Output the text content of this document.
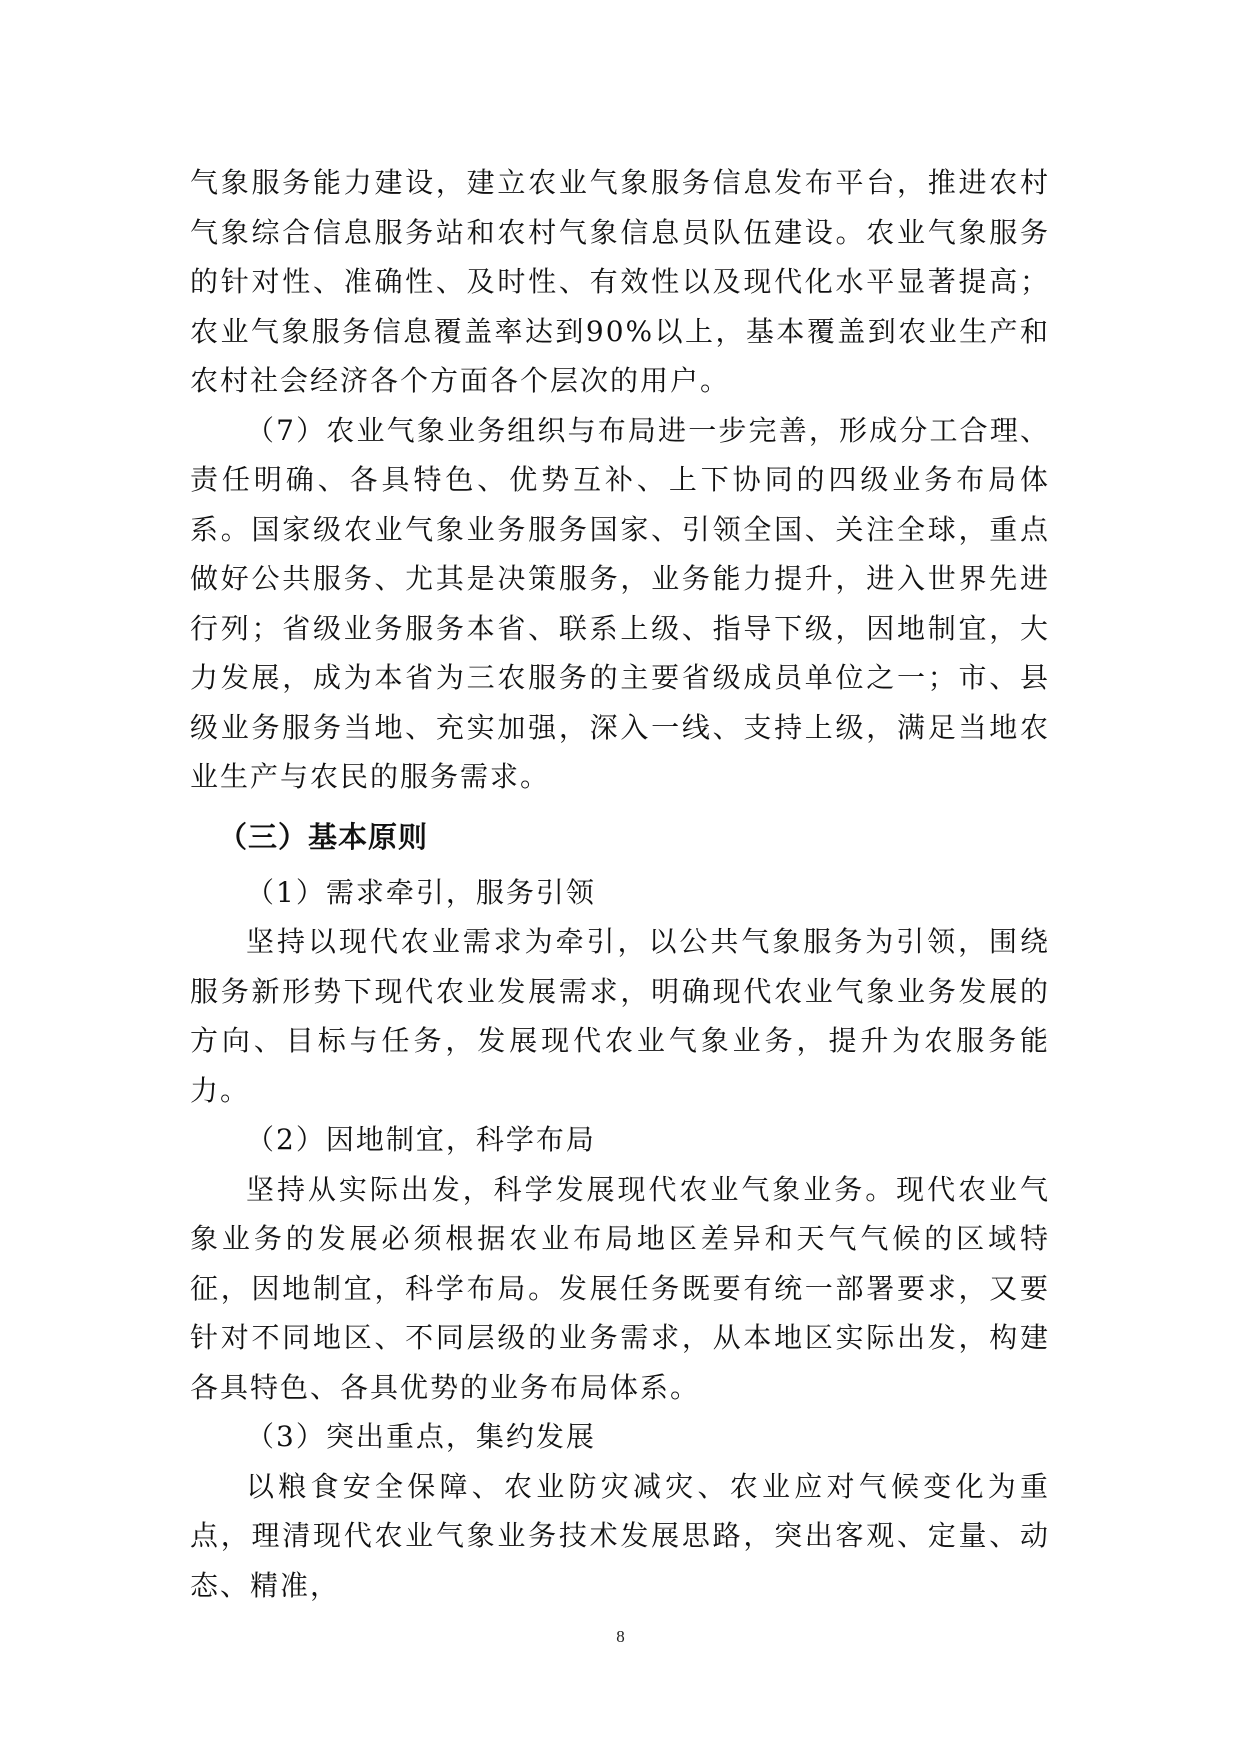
气象服务能力建设，建立农业气象服务信息发布平台，推进农村气象综合信息服务站和农村气象信息员队伍建设。农业气象服务的针对性、准确性、及时性、有效性以及现代化水平显著提高；农业气象服务信息覆盖率达到90%以上，基本覆盖到农业生产和农村社会经济各个方面各个层次的用户。

（7）农业气象业务组织与布局进一步完善，形成分工合理、责任明确、各具特色、优势互补、上下协同的四级业务布局体系。国家级农业气象业务服务国家、引领全国、关注全球，重点做好公共服务、尤其是决策服务，业务能力提升，进入世界先进行列；省级业务服务本省、联系上级、指导下级，因地制宜，大力发展，成为本省为三农服务的主要省级成员单位之一；市、县级业务服务当地、充实加强，深入一线、支持上级，满足当地农业生产与农民的服务需求。

（三）基本原则

（1）需求牵引，服务引领

坚持以现代农业需求为牵引，以公共气象服务为引领，围绕服务新形势下现代农业发展需求，明确现代农业气象业务发展的方向、目标与任务，发展现代农业气象业务，提升为农服务能力。

（2）因地制宜，科学布局

坚持从实际出发，科学发展现代农业气象业务。现代农业气象业务的发展必须根据农业布局地区差异和天气气候的区域特征，因地制宜，科学布局。发展任务既要有统一部署要求，又要针对不同地区、不同层级的业务需求，从本地区实际出发，构建各具特色、各具优势的业务布局体系。

（3）突出重点，集约发展

以粮食安全保障、农业防灾减灾、农业应对气候变化为重点，理清现代农业气象业务技术发展思路，突出客观、定量、动态、精准，

8
